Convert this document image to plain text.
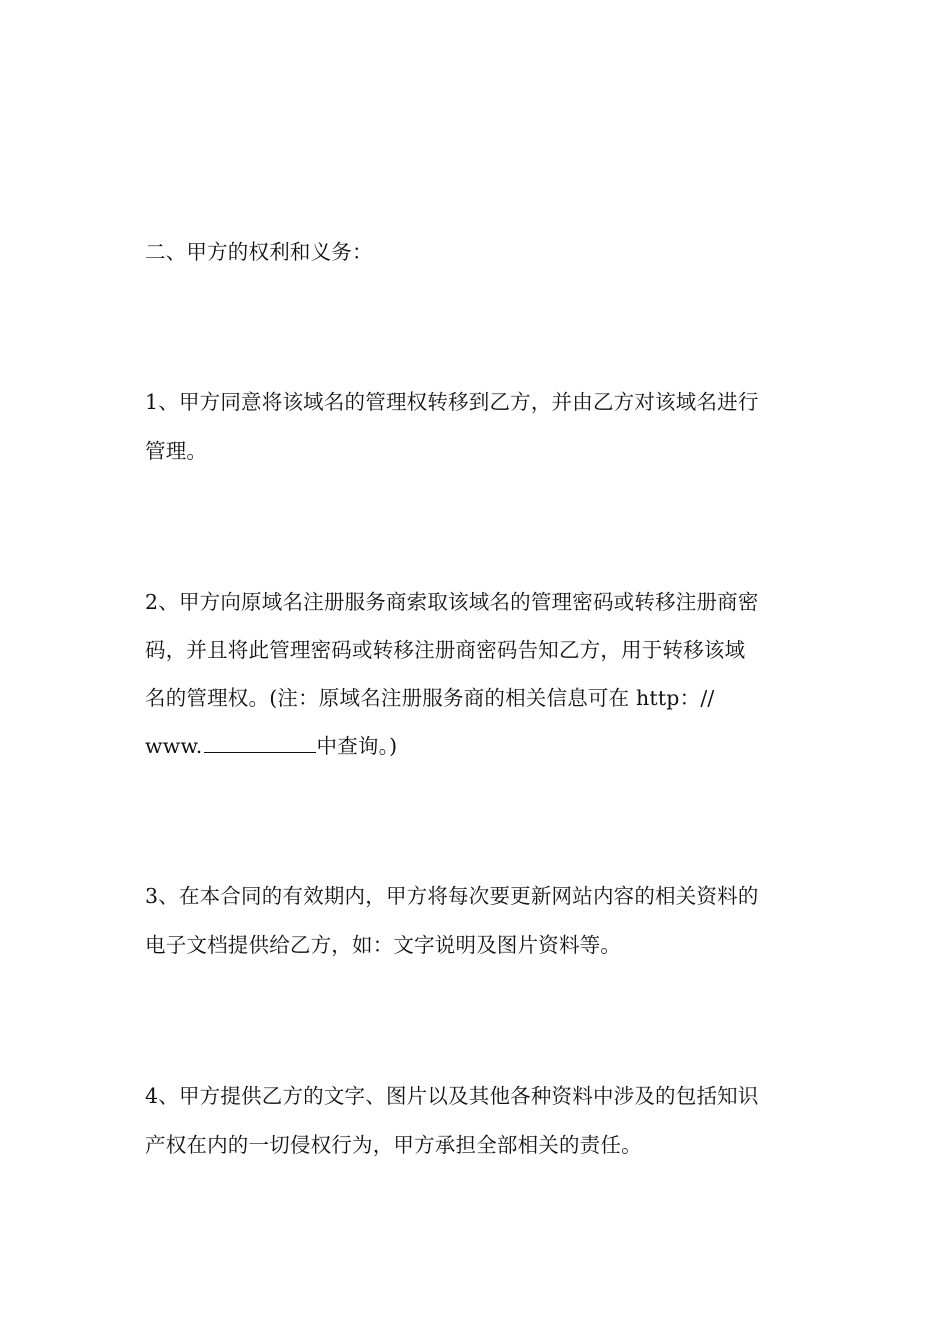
二、甲方的权利和义务：
1、甲方同意将该域名的管理权转移到乙方，并由乙方对该域名进行
管理。
2、甲方向原域名注册服务商索取该域名的管理密码或转移注册商密
码，并且将此管理密码或转移注册商密码告知乙方，用于转移该域
名的管理权。(注：原域名注册服务商的相关信息可在 http：//
www.	中查询。)
3、在本合同的有效期内，甲方将每次要更新网站内容的相关资料的
电子文档提供给乙方，如：文字说明及图片资料等。
4、甲方提供乙方的文字、图片以及其他各种资料中涉及的包括知识
产权在内的一切侵权行为，甲方承担全部相关的责任。
